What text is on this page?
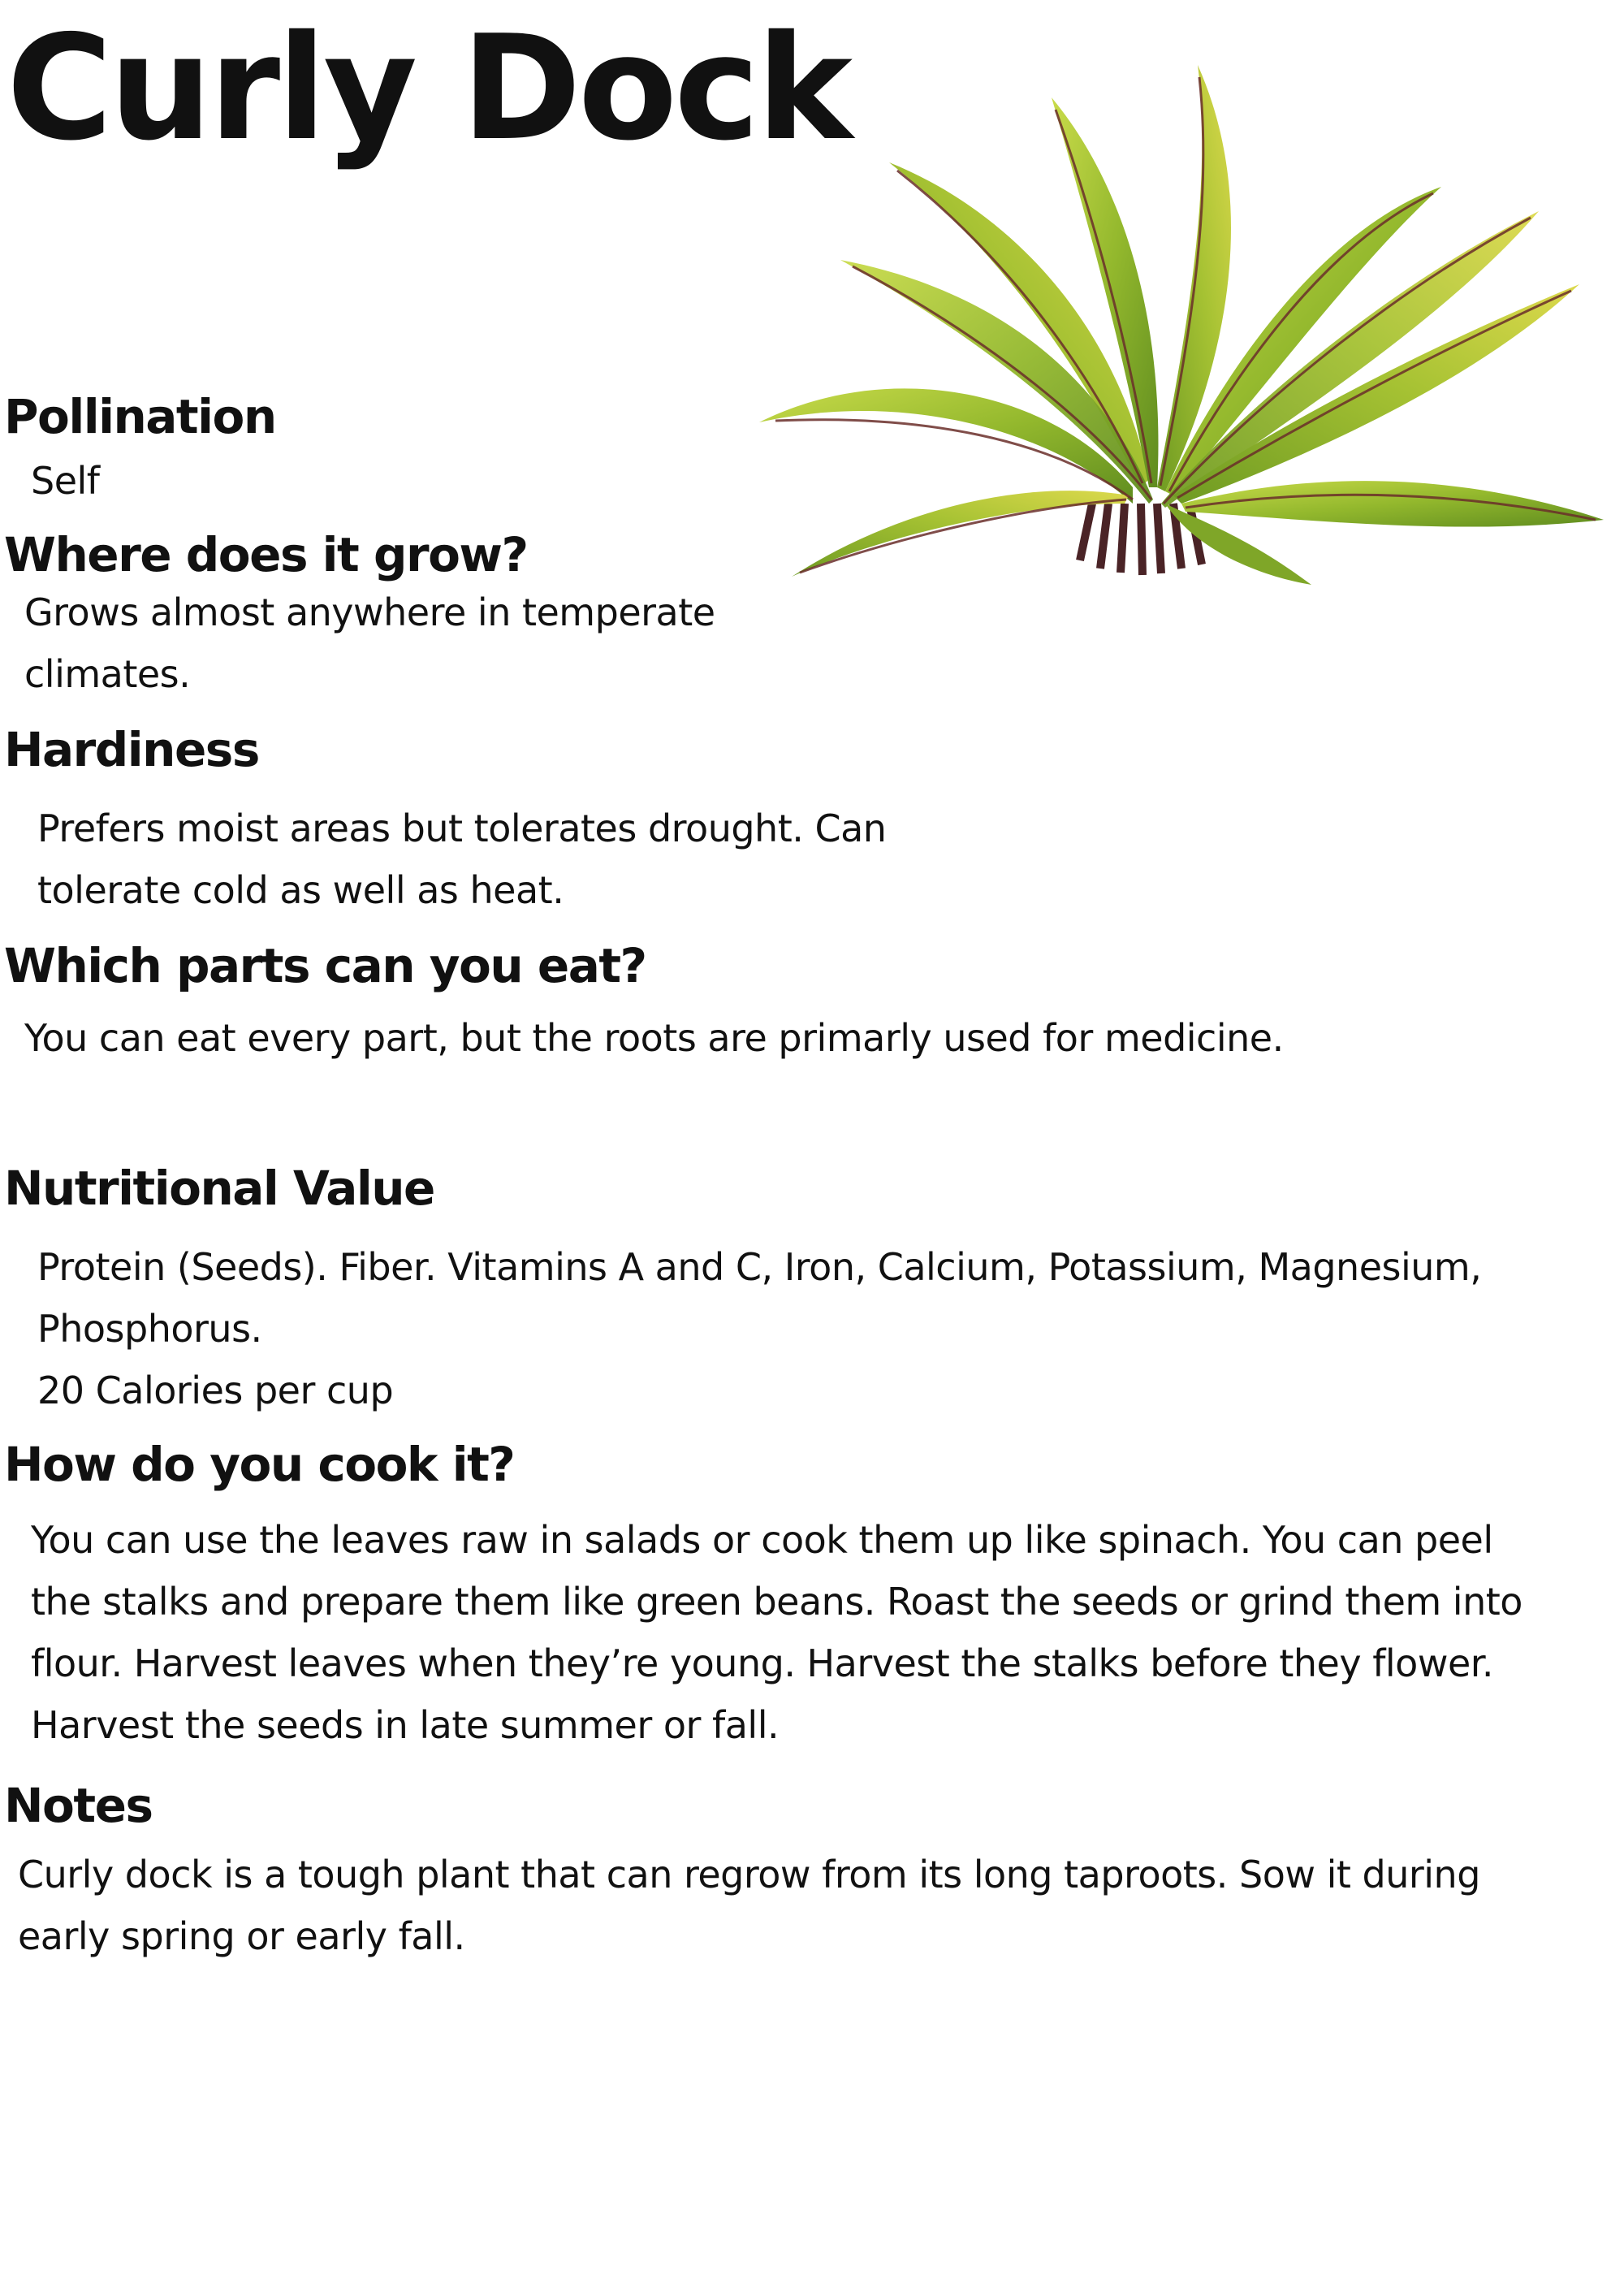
Curly Dock
Pollination

Self

Where does it grow?

Grows almost anywhere in temperate
climates.

Hardiness

Prefers moist areas but tolerates drought. Can
tolerate cold as well as heat.

Which parts can you eat?

You can eat every part, but the roots are primarly used for medicine.

Nutritional Value

Protein (Seeds). Fiber. Vitamins A and C, Iron, Calcium, Potassium, Magnesium,
Phosphorus.
20 Calories per cup

How do you cook it?

You can use the leaves raw in salads or cook them up like spinach. You can peel
the stalks and prepare them like green beans. Roast the seeds or grind them into
flour. Harvest leaves when they’re young. Harvest the stalks before they flower.
Harvest the seeds in late summer or fall.

Notes

Curly dock is a tough plant that can regrow from its long taproots. Sow it during
early spring or early fall.
